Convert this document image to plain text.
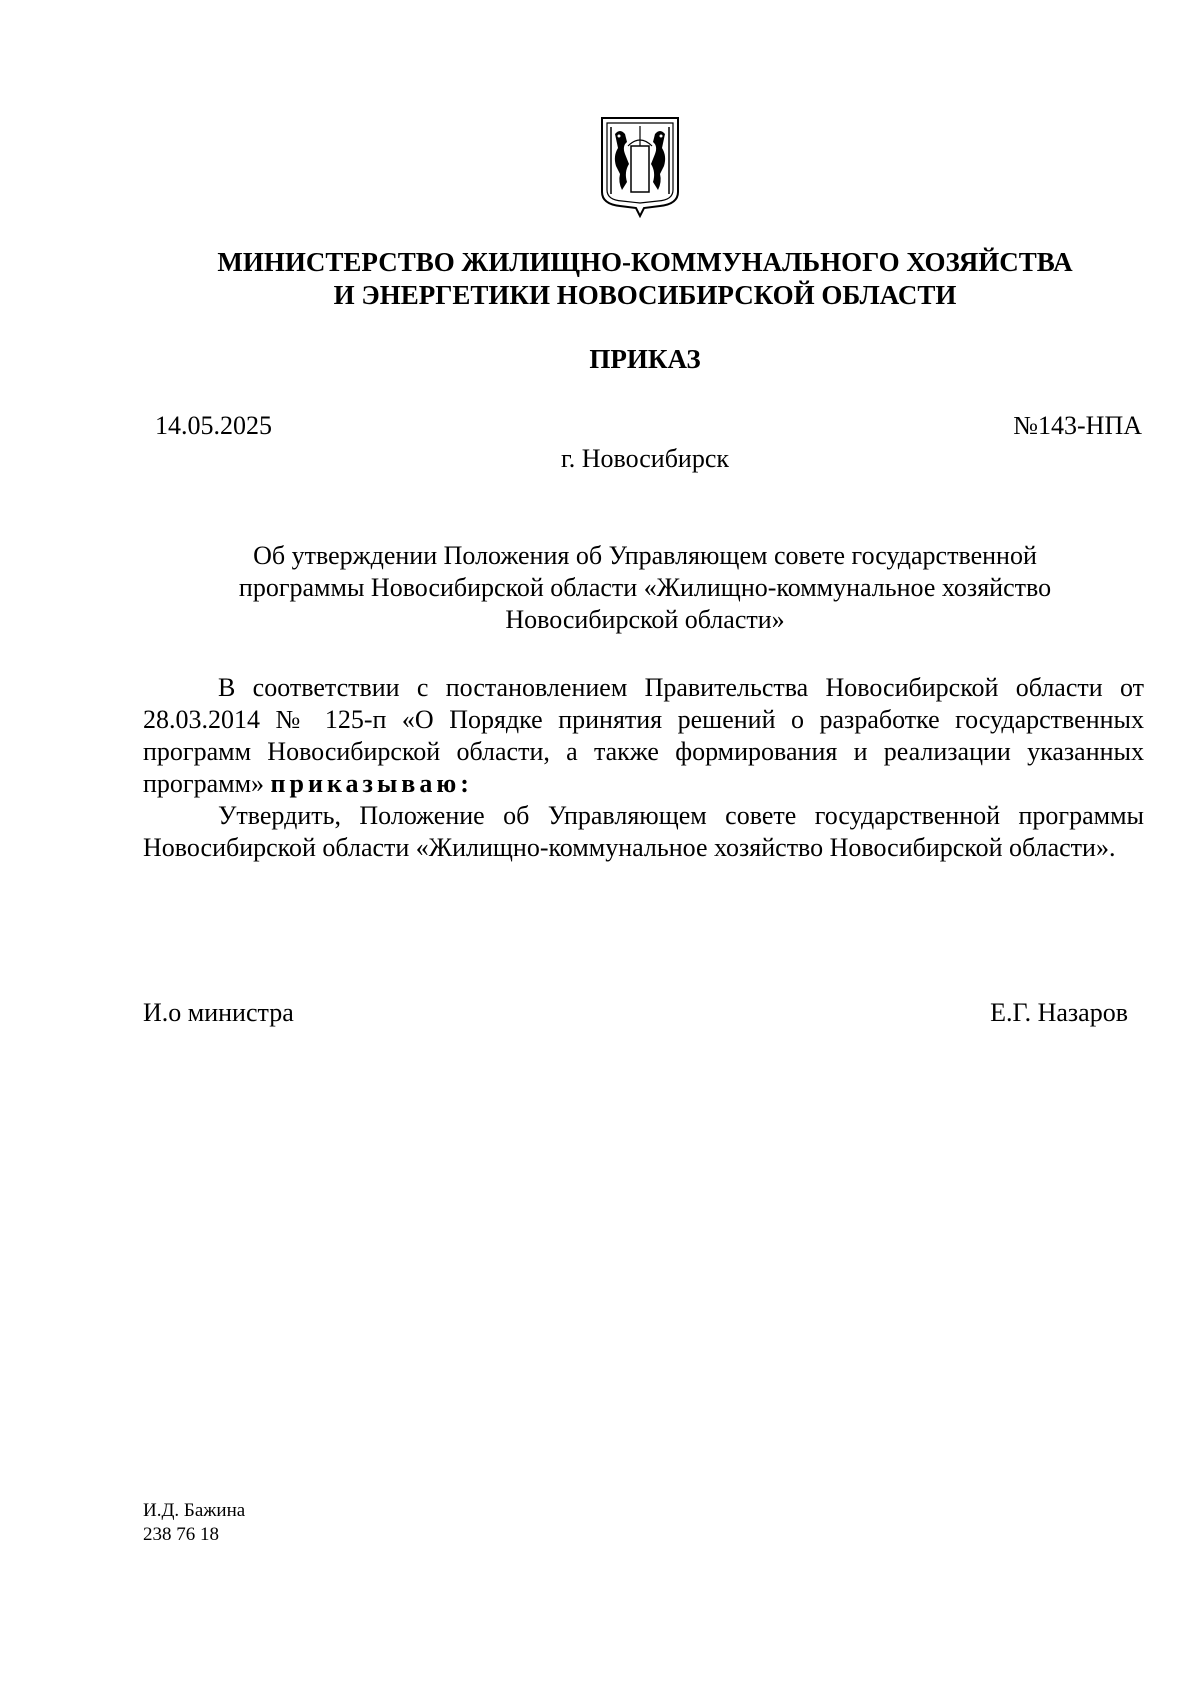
МИНИСТЕРСТВО ЖИЛИЩНО-КОММУНАЛЬНОГО ХОЗЯЙСТВА
И ЭНЕРГЕТИКИ НОВОСИБИРСКОЙ ОБЛАСТИ
ПРИКАЗ
14.05.2025	№143-НПА
г. Новосибирск
Об утверждении Положения об Управляющем совете государственной
программы Новосибирской области «Жилищно-коммунальное хозяйство
Новосибирской области»

В соответствии с постановлением Правительства Новосибирской области от 28.03.2014 № 125-п «О Порядке принятия решений о разработке государственных программ Новосибирской области, а также формирования и реализации указанных программ» приказываю:

Утвердить, Положение об Управляющем совете государственной программы Новосибирской области «Жилищно-коммунальное хозяйство Новосибирской области».

И.о министра	Е.Г. Назаров
И.Д. Бажина
238 76 18
